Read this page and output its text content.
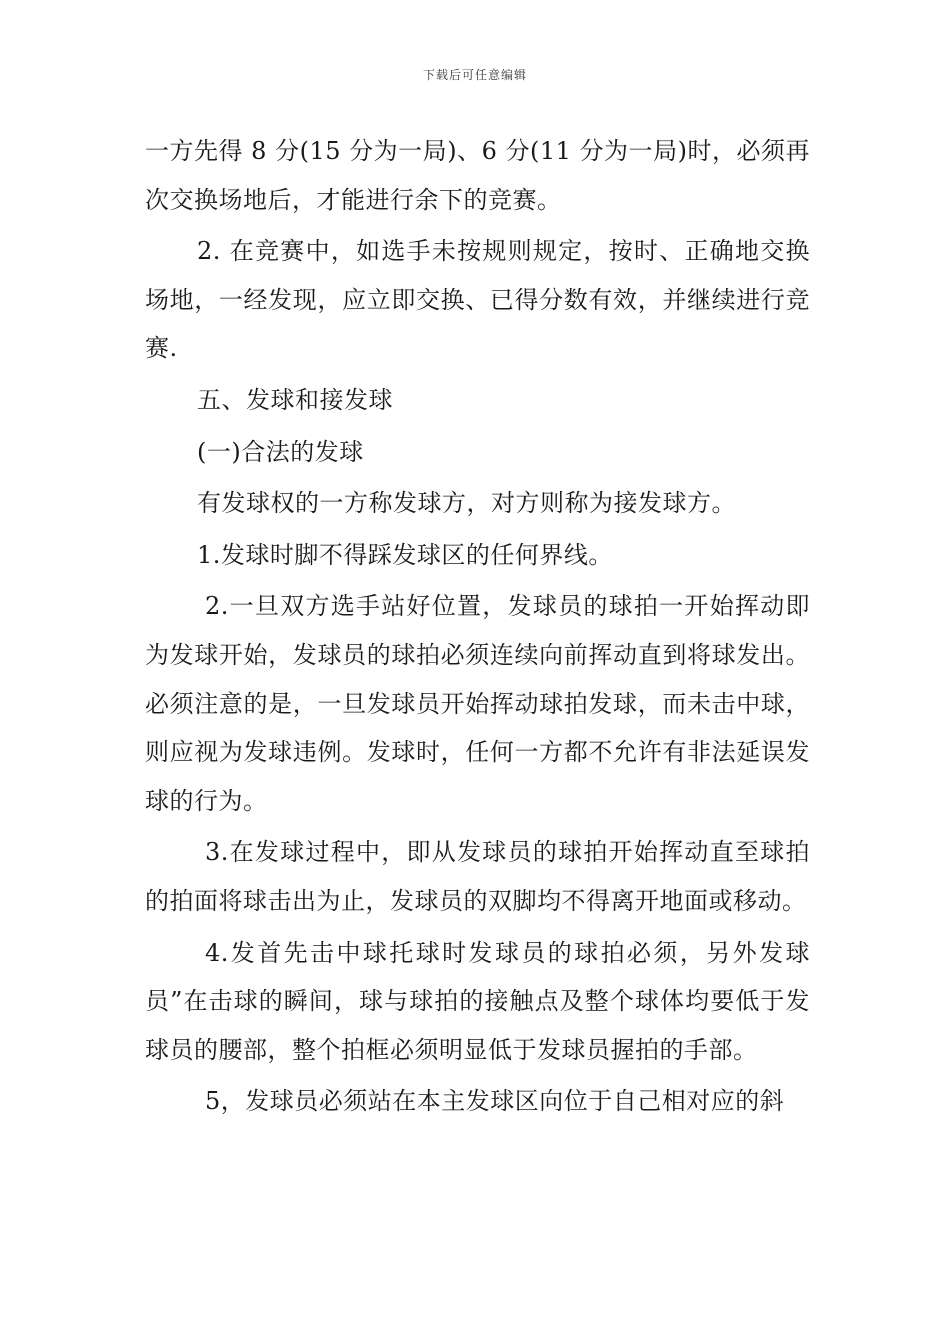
下载后可任意编辑

一方先得 8 分(15 分为一局)、6 分(11 分为一局)时，必须再次交换场地后，才能进行余下的竞赛。

2. 在竞赛中，如选手未按规则规定，按时、正确地交换场地，一经发现，应立即交换、已得分数有效，并继续进行竞赛.

五、发球和接发球

(一)合法的发球

有发球权的一方称发球方，对方则称为接发球方。

1.发球时脚不得踩发球区的任何界线。

2.一旦双方选手站好位置，发球员的球拍一开始挥动即为发球开始，发球员的球拍必须连续向前挥动直到将球发出。必须注意的是，一旦发球员开始挥动球拍发球，而未击中球，则应视为发球违例。发球时，任何一方都不允许有非法延误发球的行为。

3.在发球过程中，即从发球员的球拍开始挥动直至球拍的拍面将球击出为止，发球员的双脚均不得离开地面或移动。

4.发首先击中球托球时发球员的球拍必须，另外发球员”在击球的瞬间，球与球拍的接触点及整个球体均要低于发球员的腰部，整个拍框必须明显低于发球员握拍的手部。

5，发球员必须站在本主发球区向位于自己相对应的斜
